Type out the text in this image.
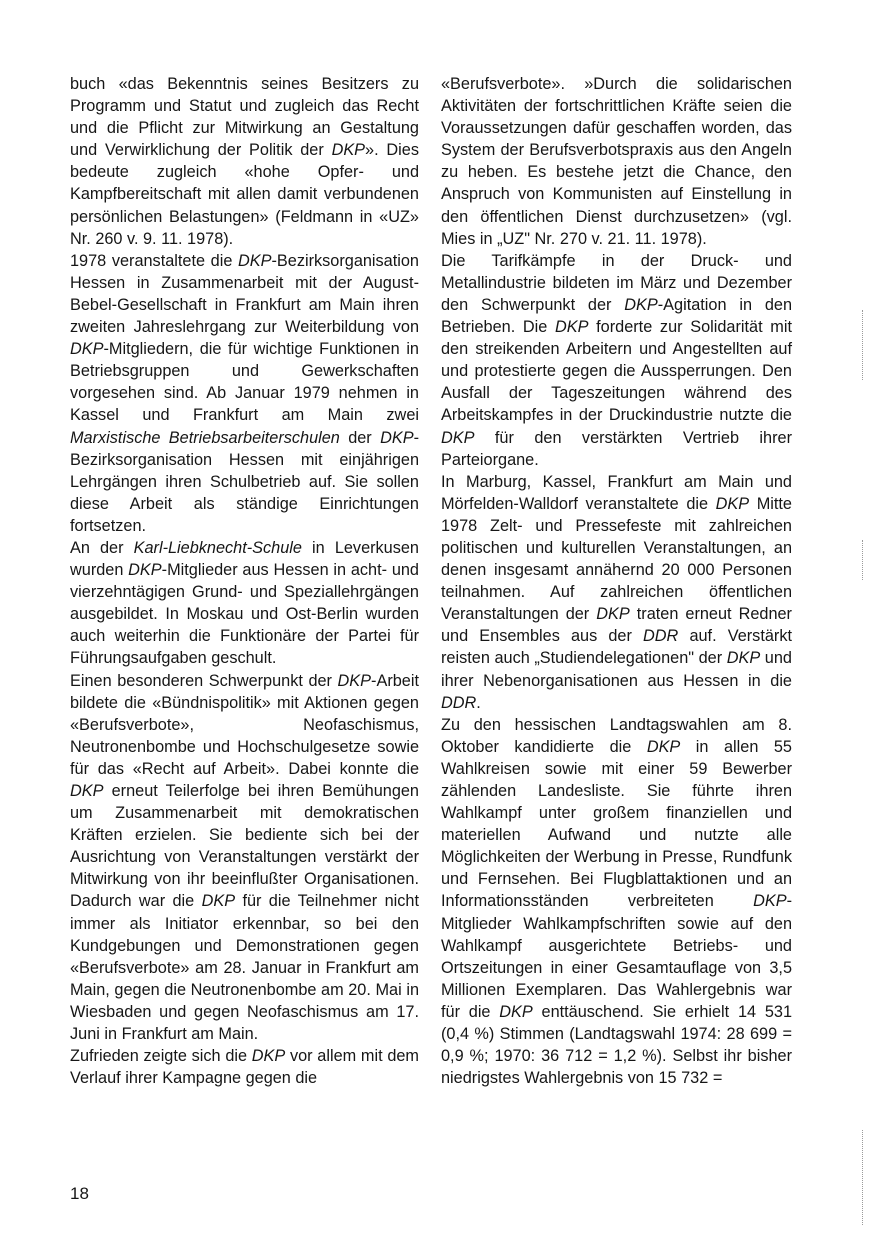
buch «das Bekenntnis seines Besitzers zu Programm und Statut und zugleich das Recht und die Pflicht zur Mitwirkung an Gestaltung und Verwirklichung der Politik der DKP». Dies bedeute zugleich «hohe Opfer- und Kampfbereitschaft mit allen damit verbundenen persönlichen Belastungen» (Feldmann in «UZ» Nr. 260 v. 9. 11. 1978).

1978 veranstaltete die DKP-Bezirksorganisation Hessen in Zusammenarbeit mit der August-Bebel-Gesellschaft in Frankfurt am Main ihren zweiten Jahreslehrgang zur Weiterbildung von DKP-Mitgliedern, die für wichtige Funktionen in Betriebsgruppen und Gewerkschaften vorgesehen sind. Ab Januar 1979 nehmen in Kassel und Frankfurt am Main zwei Marxistische Betriebsarbeiterschulen der DKP-Bezirksorganisation Hessen mit einjährigen Lehrgängen ihren Schulbetrieb auf. Sie sollen diese Arbeit als ständige Einrichtungen fortsetzen.

An der Karl-Liebknecht-Schule in Leverkusen wurden DKP-Mitglieder aus Hessen in acht- und vierzehntägigen Grund- und Speziallehrgängen ausgebildet. In Moskau und Ost-Berlin wurden auch weiterhin die Funktionäre der Partei für Führungsaufgaben geschult.

Einen besonderen Schwerpunkt der DKP-Arbeit bildete die «Bündnispolitik» mit Aktionen gegen «Berufsverbote», Neofaschismus, Neutronenbombe und Hochschulgesetze sowie für das «Recht auf Arbeit». Dabei konnte die DKP erneut Teilerfolge bei ihren Bemühungen um Zusammenarbeit mit demokratischen Kräften erzielen. Sie bediente sich bei der Ausrichtung von Veranstaltungen verstärkt der Mitwirkung von ihr beeinflußter Organisationen. Dadurch war die DKP für die Teilnehmer nicht immer als Initiator erkennbar, so bei den Kundgebungen und Demonstrationen gegen «Berufsverbote» am 28. Januar in Frankfurt am Main, gegen die Neutronenbombe am 20. Mai in Wiesbaden und gegen Neofaschismus am 17. Juni in Frankfurt am Main.

Zufrieden zeigte sich die DKP vor allem mit dem Verlauf ihrer Kampagne gegen die

«Berufsverbote». »Durch die solidarischen Aktivitäten der fortschrittlichen Kräfte seien die Voraussetzungen dafür geschaffen worden, das System der Berufsverbotspraxis aus den Angeln zu heben. Es bestehe jetzt die Chance, den Anspruch von Kommunisten auf Einstellung in den öffentlichen Dienst durchzusetzen» (vgl. Mies in „UZ" Nr. 270 v. 21. 11. 1978).

Die Tarifkämpfe in der Druck- und Metallindustrie bildeten im März und Dezember den Schwerpunkt der DKP-Agitation in den Betrieben. Die DKP forderte zur Solidarität mit den streikenden Arbeitern und Angestellten auf und protestierte gegen die Aussperrungen. Den Ausfall der Tageszeitungen während des Arbeitskampfes in der Druckindustrie nutzte die DKP für den verstärkten Vertrieb ihrer Parteiorgane.

In Marburg, Kassel, Frankfurt am Main und Mörfelden-Walldorf veranstaltete die DKP Mitte 1978 Zelt- und Pressefeste mit zahlreichen politischen und kulturellen Veranstaltungen, an denen insgesamt annähernd 20 000 Personen teilnahmen. Auf zahlreichen öffentlichen Veranstaltungen der DKP traten erneut Redner und Ensembles aus der DDR auf. Verstärkt reisten auch „Studiendelegationen" der DKP und ihrer Nebenorganisationen aus Hessen in die DDR.

Zu den hessischen Landtagswahlen am 8. Oktober kandidierte die DKP in allen 55 Wahlkreisen sowie mit einer 59 Bewerber zählenden Landesliste. Sie führte ihren Wahlkampf unter großem finanziellen und materiellen Aufwand und nutzte alle Möglichkeiten der Werbung in Presse, Rundfunk und Fernsehen. Bei Flugblattaktionen und an Informationsständen verbreiteten DKP-Mitglieder Wahlkampfschriften sowie auf den Wahlkampf ausgerichtete Betriebs- und Ortszeitungen in einer Gesamtauflage von 3,5 Millionen Exemplaren. Das Wahlergebnis war für die DKP enttäuschend. Sie erhielt 14 531 (0,4 %) Stimmen (Landtagswahl 1974: 28 699 = 0,9 %; 1970: 36 712 = 1,2 %). Selbst ihr bisher niedrigstes Wahlergebnis von 15 732 =

18
